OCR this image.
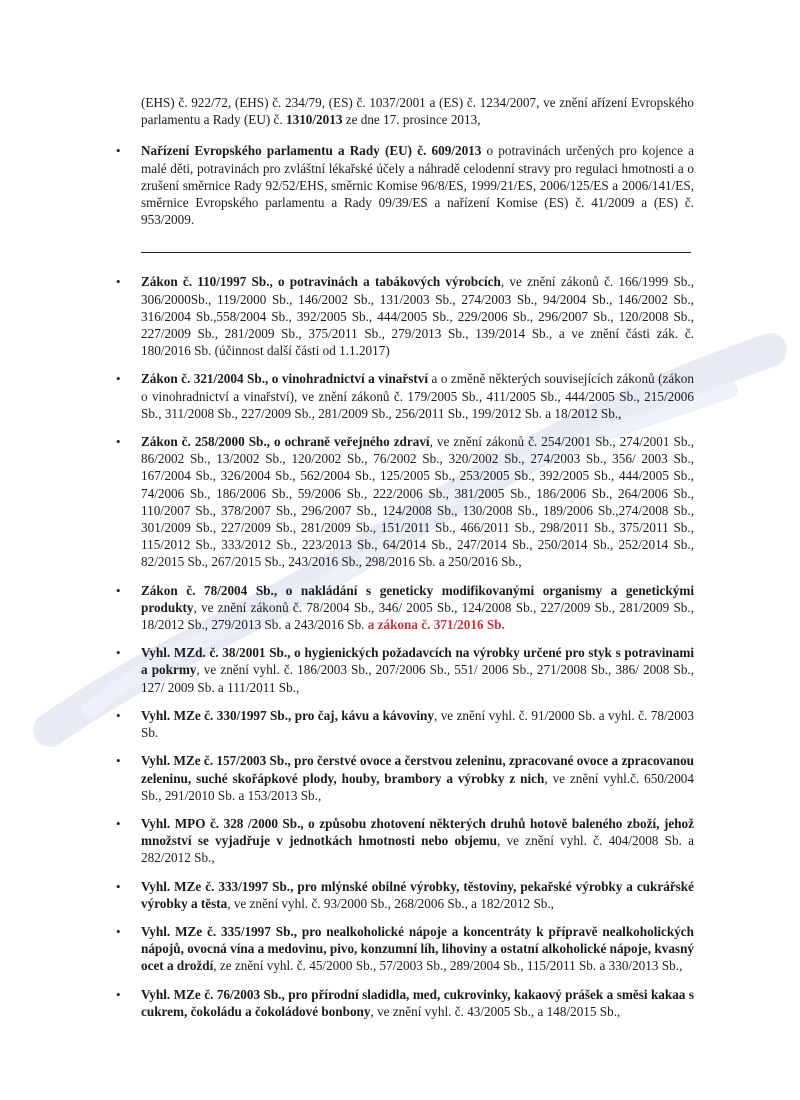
(EHS) č. 922/72, (EHS) č. 234/79, (ES) č. 1037/2001 a (ES) č. 1234/2007, ve znění ařízení Evropského parlamentu a Rady (EU) č. 1310/2013 ze dne 17. prosince 2013,

• Nařízení Evropského parlamentu a Rady (EU) č. 609/2013 o potravinách určených pro kojence a malé děti, potravinách pro zvláštní lékařské účely a náhradě celodenní stravy pro regulaci hmotnosti a o zrušení směrnice Rady 92/52/EHS, směrnic Komise 96/8/ES, 1999/21/ES, 2006/125/ES a 2006/141/ES, směrnice Evropského parlamentu a Rady 09/39/ES a nařízení Komise (ES) č. 41/2009 a (ES) č. 953/2009.
• Zákon č. 110/1997 Sb., o potravinách a tabákových výrobcích, ve znění zákonů č. 166/1999 Sb., 306/2000Sb., 119/2000 Sb., 146/2002 Sb., 131/2003 Sb., 274/2003 Sb., 94/2004 Sb., 146/2002 Sb., 316/2004 Sb.,558/2004 Sb., 392/2005 Sb., 444/2005 Sb., 229/2006 Sb., 296/2007 Sb., 120/2008 Sb., 227/2009 Sb., 281/2009 Sb., 375/2011 Sb., 279/2013 Sb., 139/2014 Sb., a ve znění části zák. č. 180/2016 Sb. (účinnost další části od 1.1.2017)
• Zákon č. 321/2004 Sb., o vinohradnictví a vinařství a o změně některých souvisejících zákonů (zákon o vinohradnictví a vinařství), ve znění zákonů č. 179/2005 Sb., 411/2005 Sb., 444/2005 Sb., 215/2006 Sb., 311/2008 Sb., 227/2009 Sb., 281/2009 Sb., 256/2011 Sb., 199/2012 Sb. a 18/2012 Sb.,
• Zákon č. 258/2000 Sb., o ochraně veřejného zdraví, ve znění zákonů č. 254/2001 Sb., 274/2001 Sb., 86/2002 Sb., 13/2002 Sb., 120/2002 Sb., 76/2002 Sb., 320/2002 Sb., 274/2003 Sb., 356/ 2003 Sb., 167/2004 Sb., 326/2004 Sb., 562/2004 Sb., 125/2005 Sb., 253/2005 Sb., 392/2005 Sb., 444/2005 Sb., 74/2006 Sb., 186/2006 Sb., 59/2006 Sb., 222/2006 Sb., 381/2005 Sb., 186/2006 Sb., 264/2006 Sb., 110/2007 Sb., 378/2007 Sb., 296/2007 Sb., 124/2008 Sb., 130/2008 Sb., 189/2006 Sb.,274/2008 Sb., 301/2009 Sb., 227/2009 Sb., 281/2009 Sb., 151/2011 Sb., 466/2011 Sb., 298/2011 Sb., 375/2011 Sb., 115/2012 Sb., 333/2012 Sb., 223/2013 Sb., 64/2014 Sb., 247/2014 Sb., 250/2014 Sb., 252/2014 Sb., 82/2015 Sb., 267/2015 Sb., 243/2016 Sb., 298/2016 Sb. a 250/2016 Sb.,
• Zákon č. 78/2004 Sb., o nakládání s geneticky modifikovanými organismy a genetickými produkty, ve znění zákonů č. 78/2004 Sb., 346/ 2005 Sb., 124/2008 Sb., 227/2009 Sb., 281/2009 Sb., 18/2012 Sb., 279/2013 Sb. a 243/2016 Sb. a zákona č. 371/2016 Sb.
• Vyhl. MZd. č. 38/2001 Sb., o hygienických požadavcích na výrobky určené pro styk s potravinami a pokrmy, ve znění vyhl. č. 186/2003 Sb., 207/2006 Sb., 551/ 2006 Sb., 271/2008 Sb., 386/ 2008 Sb., 127/ 2009 Sb. a 111/2011 Sb.,
• Vyhl. MZe č. 330/1997 Sb., pro čaj, kávu a kávoviny, ve znění vyhl. č. 91/2000 Sb. a vyhl. č. 78/2003 Sb.
• Vyhl. MZe č. 157/2003 Sb., pro čerstvé ovoce a čerstvou zeleninu, zpracované ovoce a zpracovanou zeleninu, suché skořápkové plody, houby, brambory a výrobky z nich, ve znění vyhl.č. 650/2004 Sb., 291/2010 Sb. a 153/2013 Sb.,
• Vyhl. MPO č. 328 /2000 Sb., o způsobu zhotovení některých druhů hotově baleného zboží, jehož množství se vyjadřuje v jednotkách hmotnosti nebo objemu, ve znění vyhl. č. 404/2008 Sb. a 282/2012 Sb.,
• Vyhl. MZe č. 333/1997 Sb., pro mlýnské obilné výrobky, těstoviny, pekařské výrobky a cukrářské výrobky a těsta, ve znění vyhl. č. 93/2000 Sb., 268/2006 Sb., a 182/2012 Sb.,
• Vyhl. MZe č. 335/1997 Sb., pro nealkoholické nápoje a koncentráty k přípravě nealkoholických nápojů, ovocná vína a medovinu, pivo, konzumní líh, lihoviny a ostatní alkoholické nápoje, kvasný ocet a droždí, ze znění vyhl. č. 45/2000 Sb., 57/2003 Sb., 289/2004 Sb., 115/2011 Sb. a 330/2013 Sb.,
• Vyhl. MZe č. 76/2003 Sb., pro přírodní sladidla, med, cukrovinky, kakaový prášek a směsi kakaa s cukrem, čokoládu a čokoládové bonbony, ve znění vyhl. č. 43/2005 Sb., a 148/2015 Sb.,
